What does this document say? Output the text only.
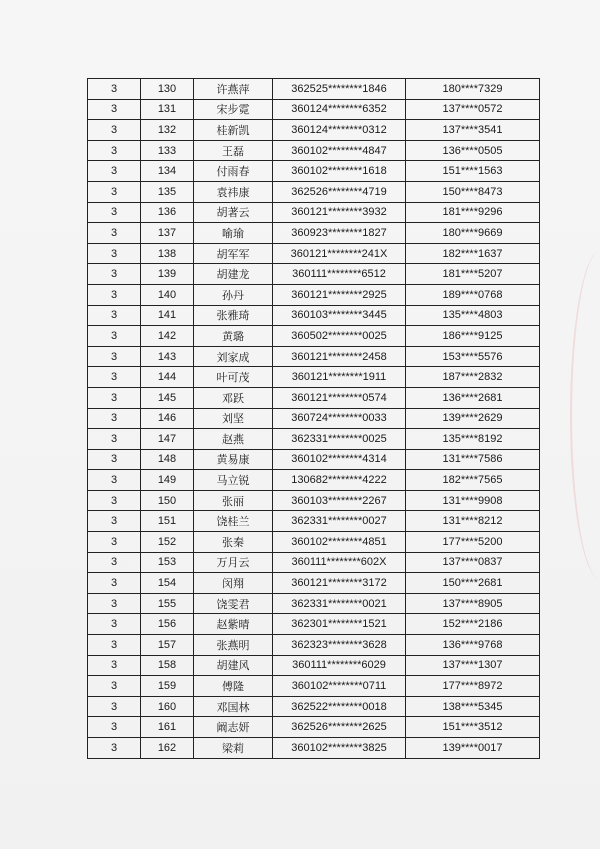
3	130	许燕萍	362525********1846	180****7329
3	131	宋步霓	360124********6352	137****0572
3	132	桂新凯	360124********0312	137****3541
3	133	王磊	360102********4847	136****0505
3	134	付雨春	360102********1618	151****1563
3	135	袁祎康	362526********4719	150****8473
3	136	胡著云	360121********3932	181****9296
3	137	喻瑜	360923********1827	180****9669
3	138	胡军军	360121********241X	182****1637
3	139	胡建龙	360111********6512	181****5207
3	140	孙丹	360121********2925	189****0768
3	141	张雅琦	360103********3445	135****4803
3	142	黄璐	360502********0025	186****9125
3	143	刘家成	360121********2458	153****5576
3	144	叶可茂	360121********1911	187****2832
3	145	邓跃	360121********0574	136****2681
3	146	刘坚	360724********0033	139****2629
3	147	赵燕	362331********0025	135****8192
3	148	黄易康	360102********4314	131****7586
3	149	马立锐	130682********4222	182****7565
3	150	张丽	360103********2267	131****9908
3	151	饶桂兰	362331********0027	131****8212
3	152	张秦	360102********4851	177****5200
3	153	万月云	360111********602X	137****0837
3	154	闵翔	360121********3172	150****2681
3	155	饶雯君	362331********0021	137****8905
3	156	赵紫晴	362301********1521	152****2186
3	157	张燕明	362323********3628	136****9768
3	158	胡建风	360111********6029	137****1307
3	159	傅隆	360102********0711	177****8972
3	160	邓国林	362522********0018	138****5345
3	161	阚志妍	362526********2625	151****3512
3	162	梁莉	360102********3825	139****0017
